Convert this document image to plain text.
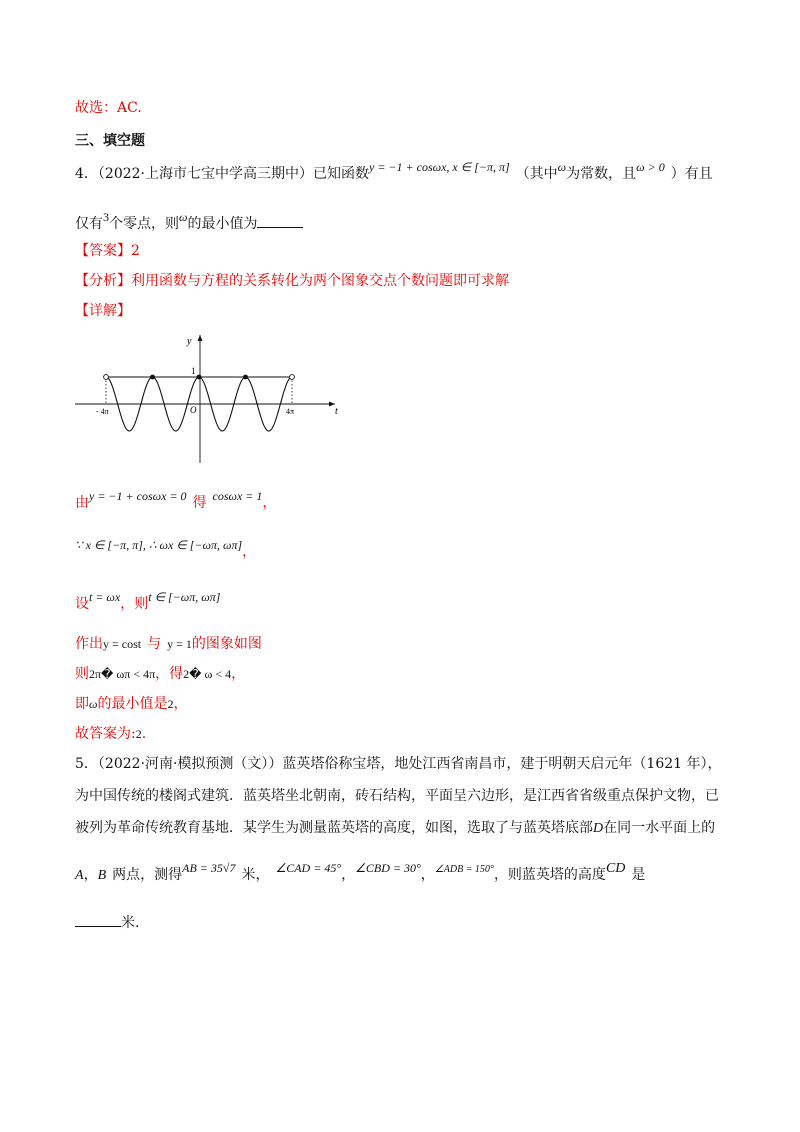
故选：AC.
三、填空题
4．（2022·上海市七宝中学高三期中）已知函数y = −1 + cosωx, x ∈ [−π, π] （其中ω为常数，且ω > 0 ）有且
仅有3个零点，则ω的最小值为
【答案】2
【分析】利用函数与方程的关系转化为两个图象交点个数问题即可求解
【详解】
y
t
1
O
- 4π	4π
由y = −1 + cosωx = 0 得 cosωx = 1，
∵ x ∈ [−π, π], ∴ ωx ∈ [−ωπ, ωπ]，
设t = ωx，则t ∈ [−ωπ, ωπ]
作出y = cost 与 y = 1的图象如图
则2π� ωπ < 4π，得2� ω < 4，
即ω的最小值是2，
故答案为:2.
5．（2022·河南·模拟预测（文））蓝英塔俗称宝塔，地处江西省南昌市，建于明朝天启元年（1621 年），
为中国传统的楼阁式建筑．蓝英塔坐北朝南，砖石结构，平面呈六边形，是江西省省级重点保护文物，已
被列为革命传统教育基地．某学生为测量蓝英塔的高度，如图，选取了与蓝英塔底部D在同一水平面上的
A，B 两点，测得AB = 35√7 米， ∠CAD = 45°，∠CBD = 30°，$^{\angle ADB = 150^\circ}$，则蓝英塔的高度CD 是
米.
